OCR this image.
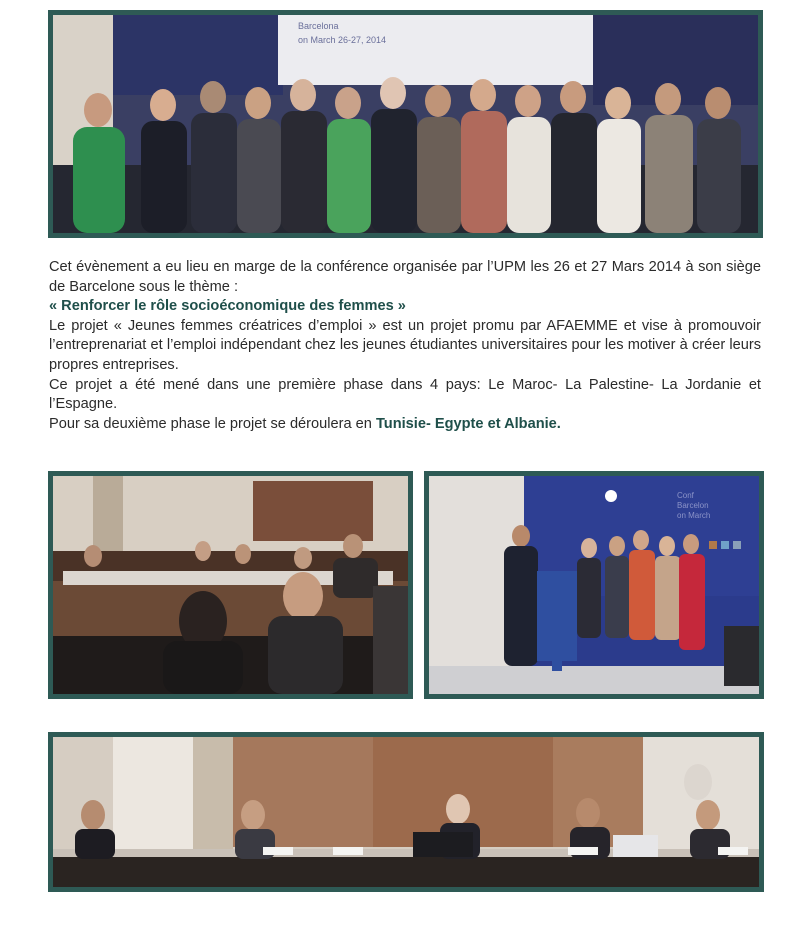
Barcelona
on March 26-27, 2014

Cet évènement a eu lieu en marge de la conférence organisée par l’UPM les 26 et 27 Mars 2014 à son siège de Barcelone sous le thème :

« Renforcer le rôle socioéconomique des femmes »

Le projet « Jeunes femmes créatrices d’emploi » est un projet promu par AFAEMME et vise à promouvoir l’entreprenariat et l’emploi indépendant chez les jeunes étudiantes universitaires pour les motiver à créer leurs propres entreprises.

Ce projet a été mené dans une première phase dans 4 pays: Le Maroc- La Palestine- La Jordanie et l’Espagne.

Pour sa deuxième phase le projet se déroulera en Tunisie- Egypte et Albanie.

Conf
Barcelon
on March
